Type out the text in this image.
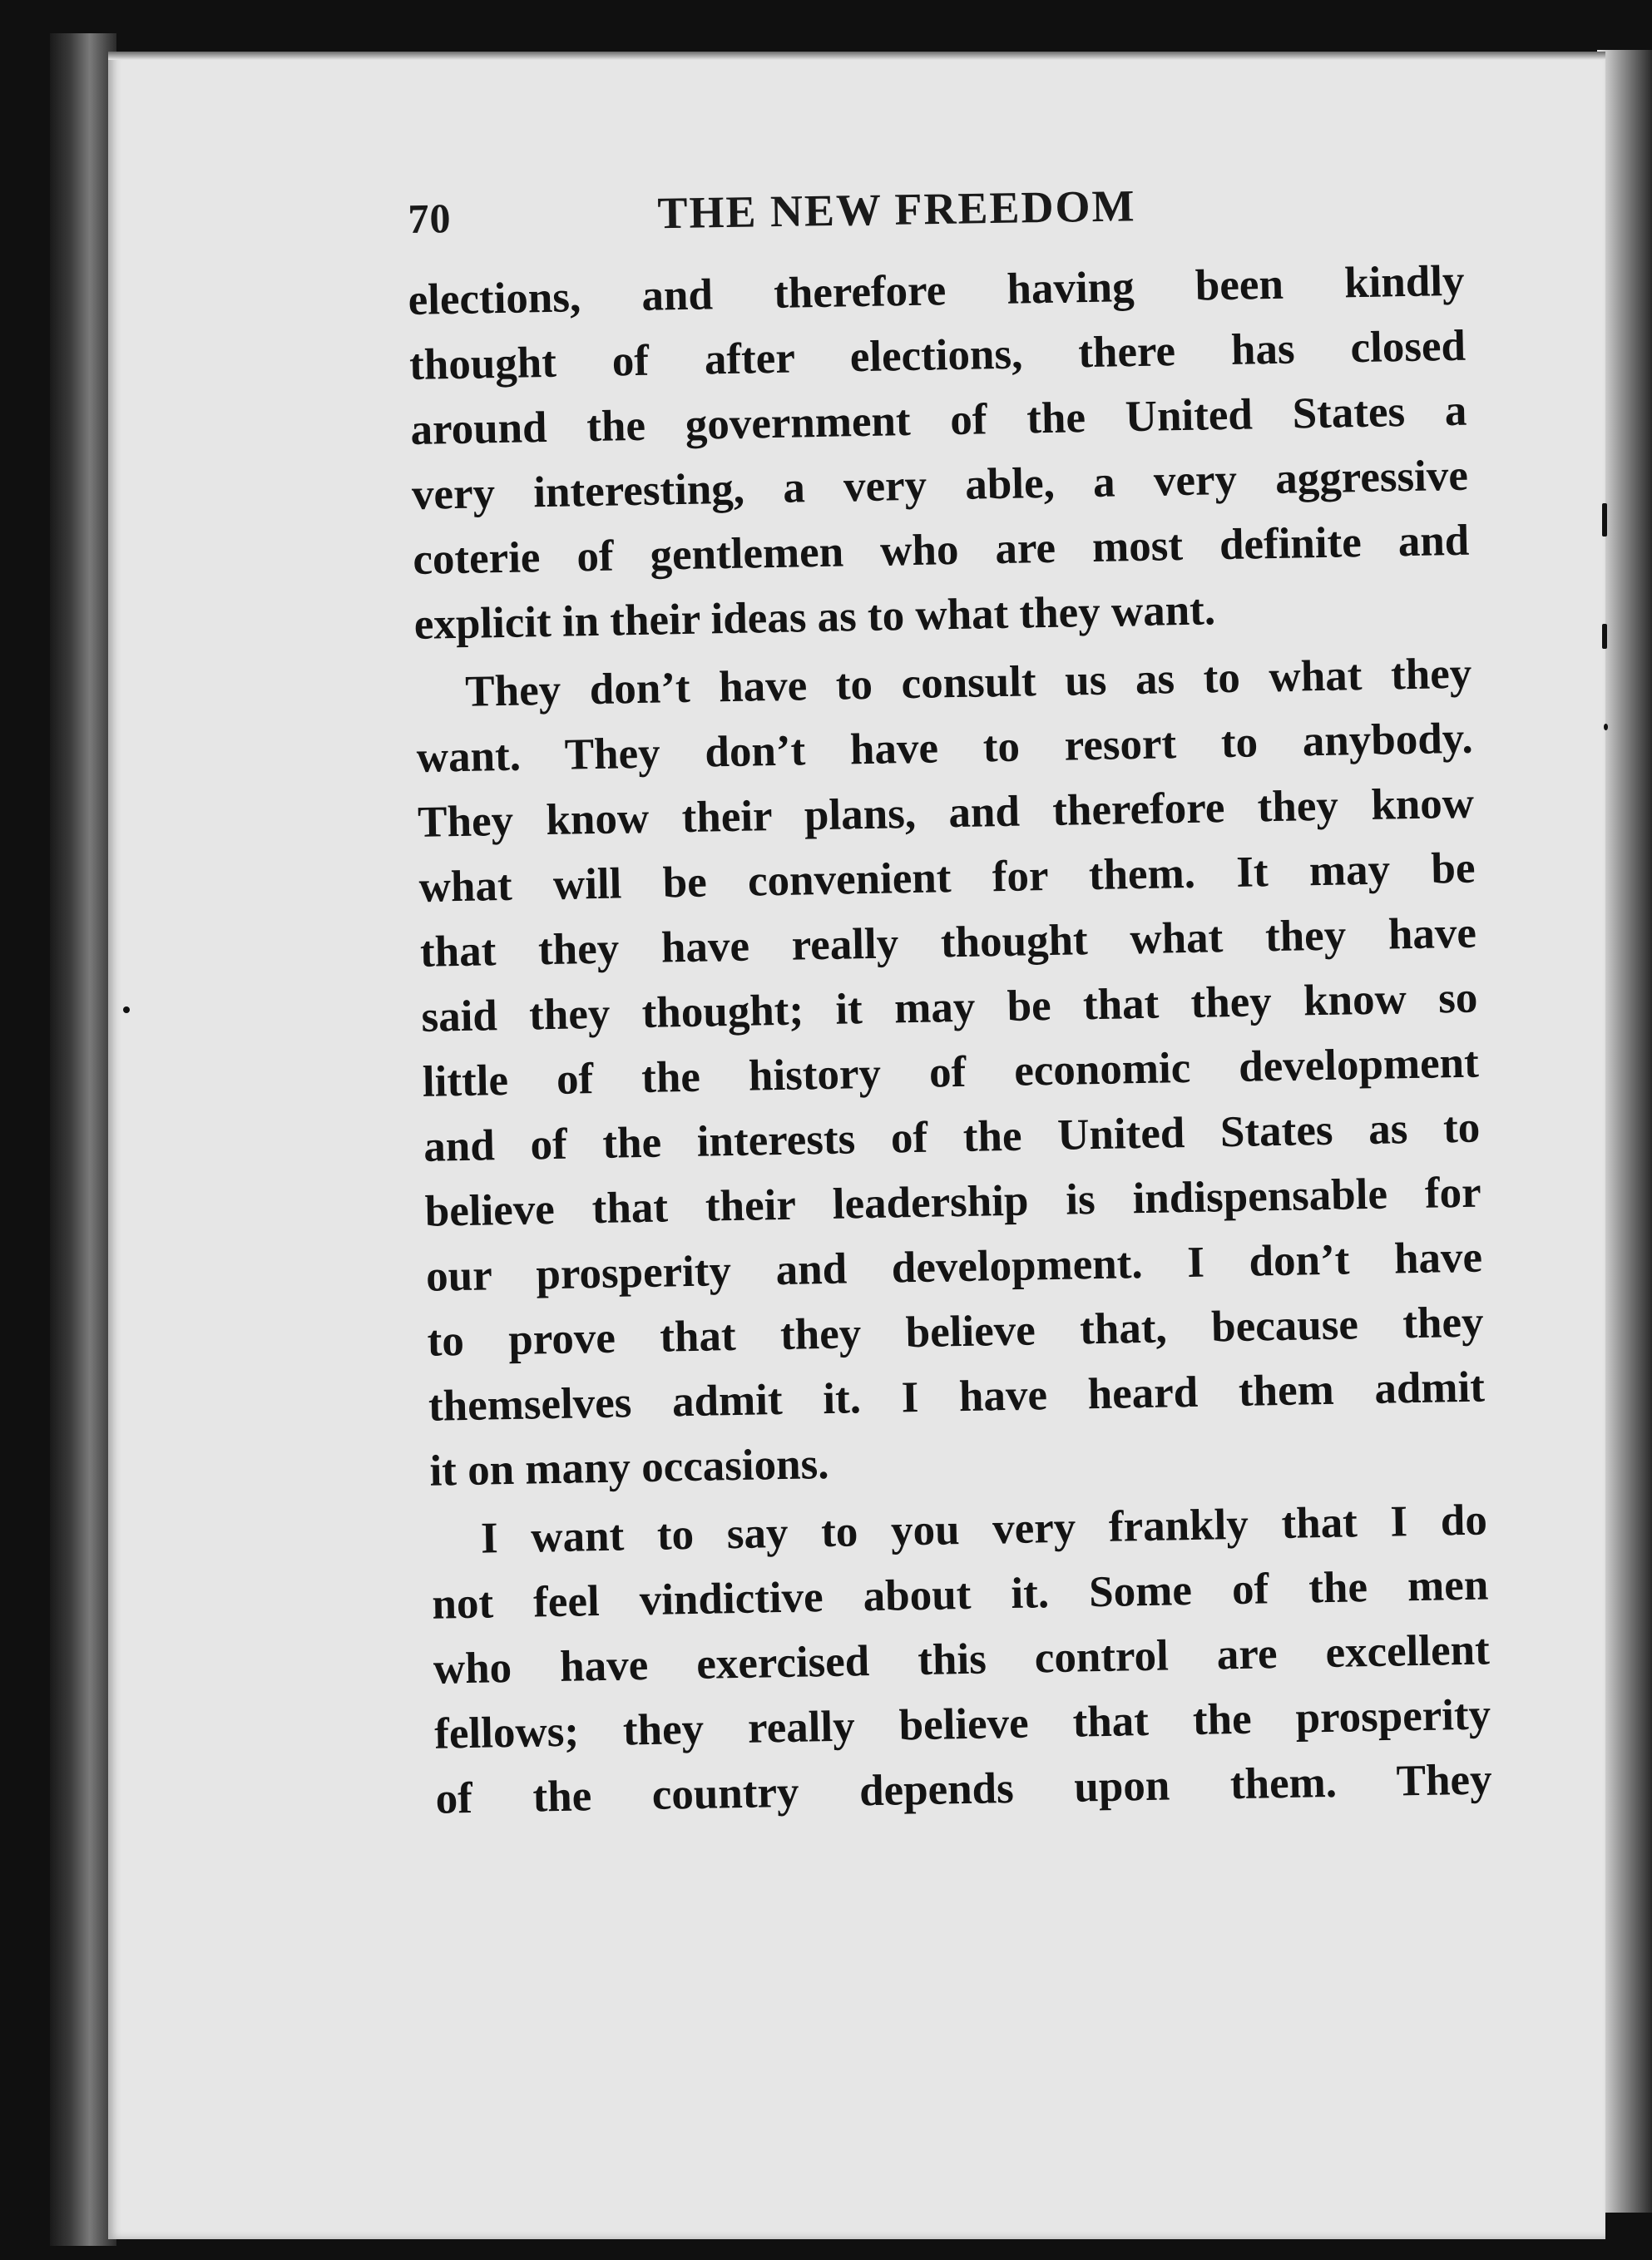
70	THE NEW FREEDOM

elections, and therefore having been kindly
thought of after elections, there has closed
around the government of the United States a
very interesting, a very able, a very aggressive
coterie of gentlemen who are most definite and
explicit in their ideas as to what they want.

They don’t have to consult us as to what they
want. They don’t have to resort to anybody.
They know their plans, and therefore they know
what will be convenient for them. It may be
that they have really thought what they have
said they thought; it may be that they know so
little of the history of economic development
and of the interests of the United States as to
believe that their leadership is indispensable for
our prosperity and development. I don’t have
to prove that they believe that, because they
themselves admit it. I have heard them admit
it on many occasions.

I want to say to you very frankly that I do
not feel vindictive about it. Some of the men
who have exercised this control are excellent
fellows; they really believe that the prosperity
of the country depends upon them. They
